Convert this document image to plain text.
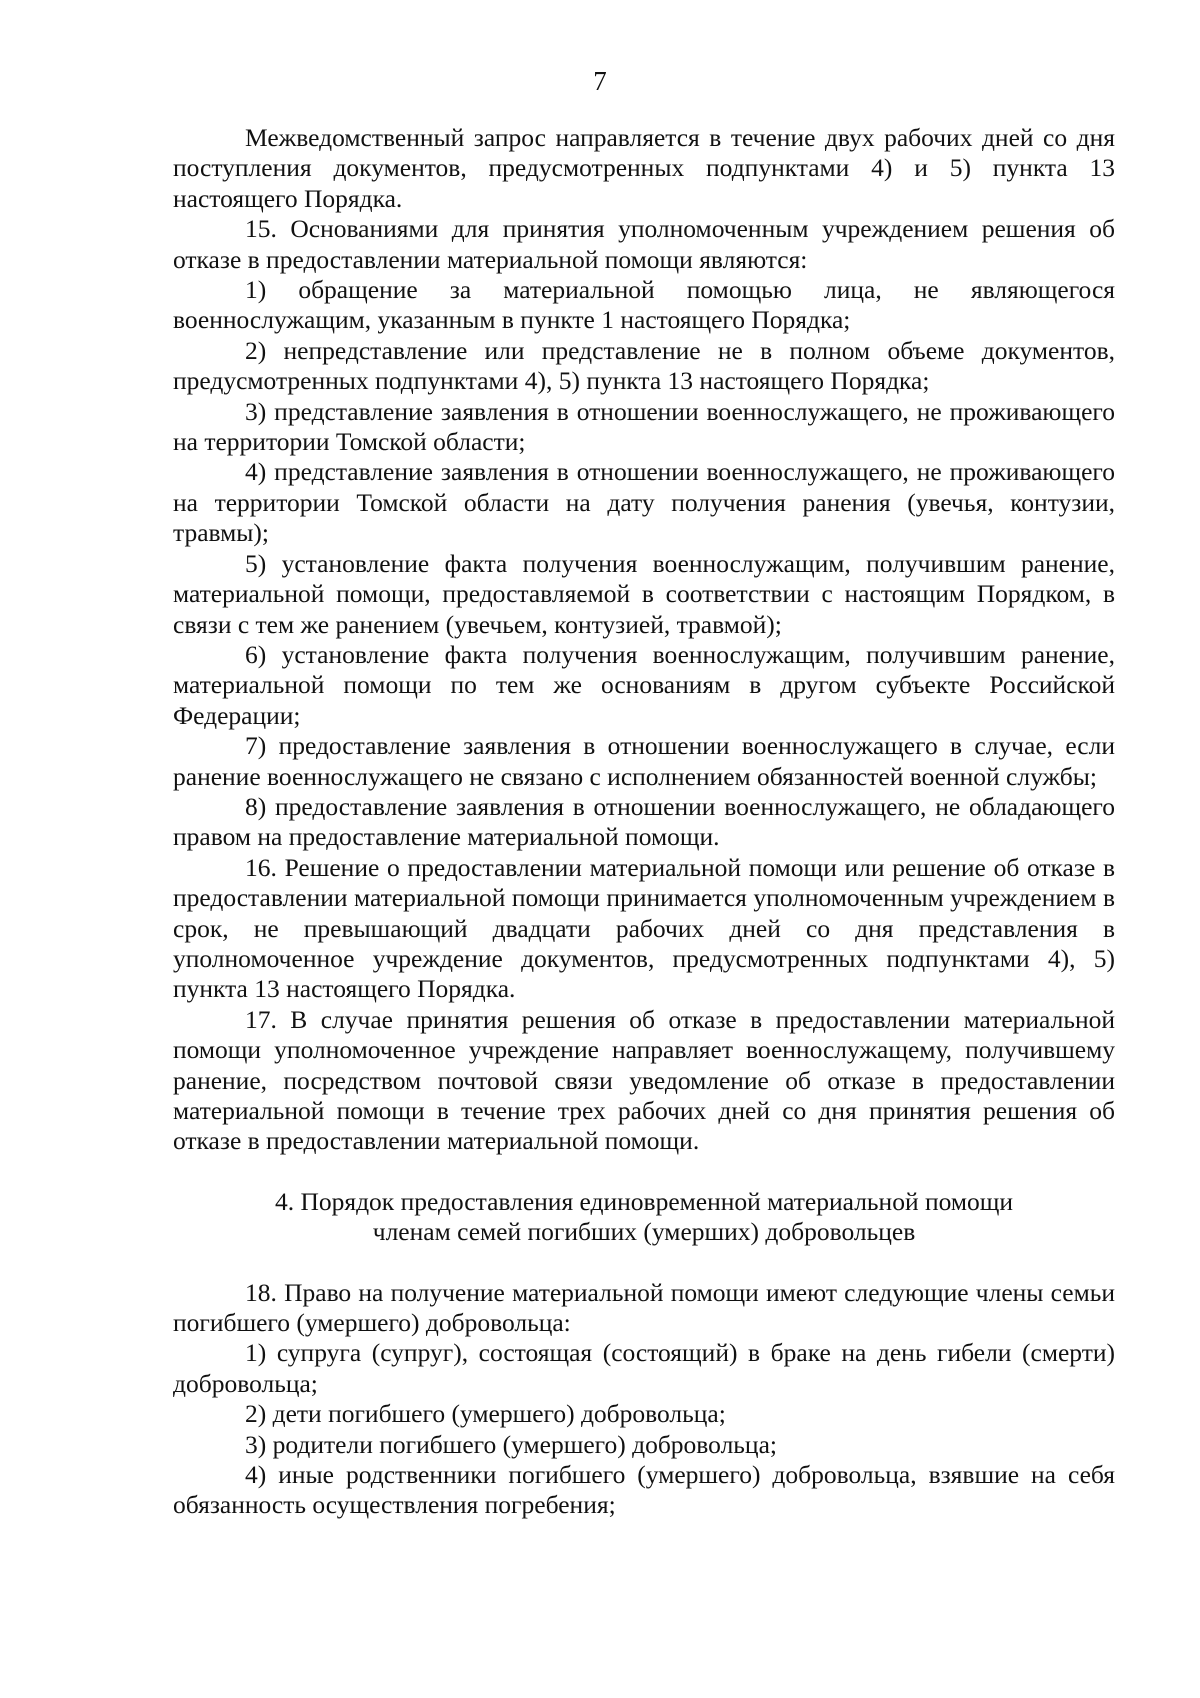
7

Межведомственный запрос направляется в течение двух рабочих дней со дня поступления документов, предусмотренных подпунктами 4) и 5) пункта 13 настоящего Порядка.

15. Основаниями для принятия уполномоченным учреждением решения об отказе в предоставлении материальной помощи являются:

1) обращение за материальной помощью лица, не являющегося военнослужащим, указанным в пункте 1 настоящего Порядка;

2) непредставление или представление не в полном объеме документов, предусмотренных подпунктами 4), 5) пункта 13 настоящего Порядка;

3) представление заявления в отношении военнослужащего, не проживающего на территории Томской области;

4) представление заявления в отношении военнослужащего, не проживающего на территории Томской области на дату получения ранения (увечья, контузии, травмы);

5) установление факта получения военнослужащим, получившим ранение, материальной помощи, предоставляемой в соответствии с настоящим Порядком, в связи с тем же ранением (увечьем, контузией, травмой);

6) установление факта получения военнослужащим, получившим ранение, материальной помощи по тем же основаниям в другом субъекте Российской Федерации;

7) предоставление заявления в отношении военнослужащего в случае, если ранение военнослужащего не связано с исполнением обязанностей военной службы;

8) предоставление заявления в отношении военнослужащего, не обладающего правом на предоставление материальной помощи.

16. Решение о предоставлении материальной помощи или решение об отказе в предоставлении материальной помощи принимается уполномоченным учреждением в срок, не превышающий двадцати рабочих дней со дня представления в уполномоченное учреждение документов, предусмотренных подпунктами 4), 5) пункта 13 настоящего Порядка.

17. В случае принятия решения об отказе в предоставлении материальной помощи уполномоченное учреждение направляет военнослужащему, получившему ранение, посредством почтовой связи уведомление об отказе в предоставлении материальной помощи в течение трех рабочих дней со дня принятия решения об отказе в предоставлении материальной помощи.

4. Порядок предоставления единовременной материальной помощи
членам семей погибших (умерших) добровольцев

18. Право на получение материальной помощи имеют следующие члены семьи погибшего (умершего) добровольца:

1) супруга (супруг), состоящая (состоящий) в браке на день гибели (смерти) добровольца;

2) дети погибшего (умершего) добровольца;

3) родители погибшего (умершего) добровольца;

4) иные родственники погибшего (умершего) добровольца, взявшие на себя обязанность осуществления погребения;
